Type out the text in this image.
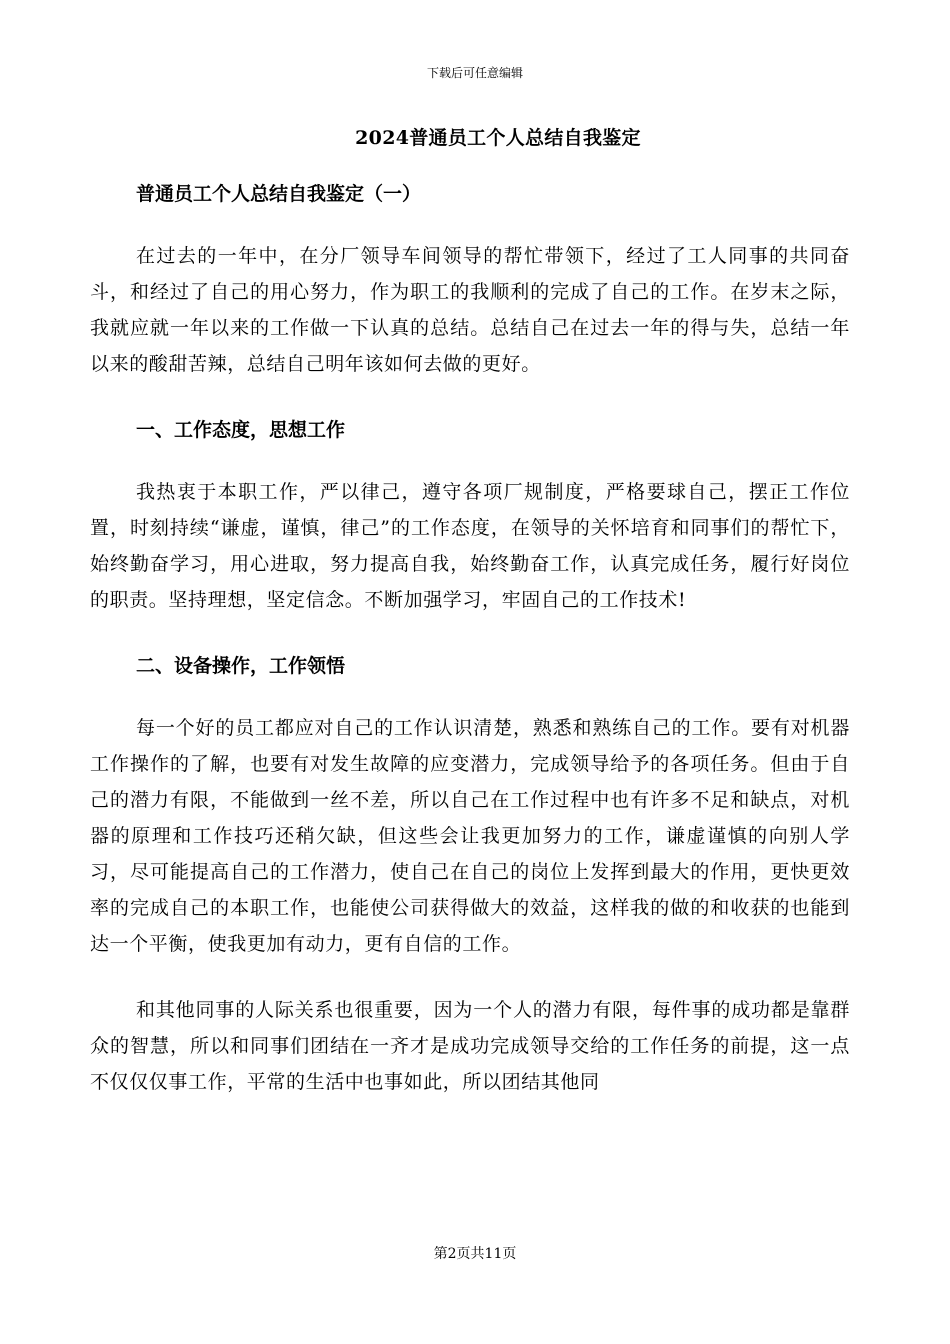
下载后可任意编辑
2024普通员工个人总结自我鉴定

普通员工个人总结自我鉴定（一）

在过去的一年中，在分厂领导车间领导的帮忙带领下，经过了工人同事的共同奋斗，和经过了自己的用心努力，作为职工的我顺利的完成了自己的工作。在岁末之际，我就应就一年以来的工作做一下认真的总结。总结自己在过去一年的得与失，总结一年以来的酸甜苦辣，总结自己明年该如何去做的更好。

一、工作态度，思想工作

我热衷于本职工作，严以律己，遵守各项厂规制度，严格要球自己，摆正工作位置，时刻持续“谦虚，谨慎，律己”的工作态度，在领导的关怀培育和同事们的帮忙下，始终勤奋学习，用心进取，努力提高自我，始终勤奋工作，认真完成任务，履行好岗位的职责。坚持理想，坚定信念。不断加强学习，牢固自己的工作技术!

二、设备操作，工作领悟

每一个好的员工都应对自己的工作认识清楚，熟悉和熟练自己的工作。要有对机器工作操作的了解，也要有对发生故障的应变潜力，完成领导给予的各项任务。但由于自己的潜力有限，不能做到一丝不差，所以自己在工作过程中也有许多不足和缺点，对机器的原理和工作技巧还稍欠缺，但这些会让我更加努力的工作，谦虚谨慎的向别人学习，尽可能提高自己的工作潜力，使自己在自己的岗位上发挥到最大的作用，更快更效率的完成自己的本职工作，也能使公司获得做大的效益，这样我的做的和收获的也能到达一个平衡，使我更加有动力，更有自信的工作。

和其他同事的人际关系也很重要，因为一个人的潜力有限，每件事的成功都是靠群众的智慧，所以和同事们团结在一齐才是成功完成领导交给的工作任务的前提，这一点不仅仅仅事工作，平常的生活中也事如此，所以团结其他同

第2页共11页
